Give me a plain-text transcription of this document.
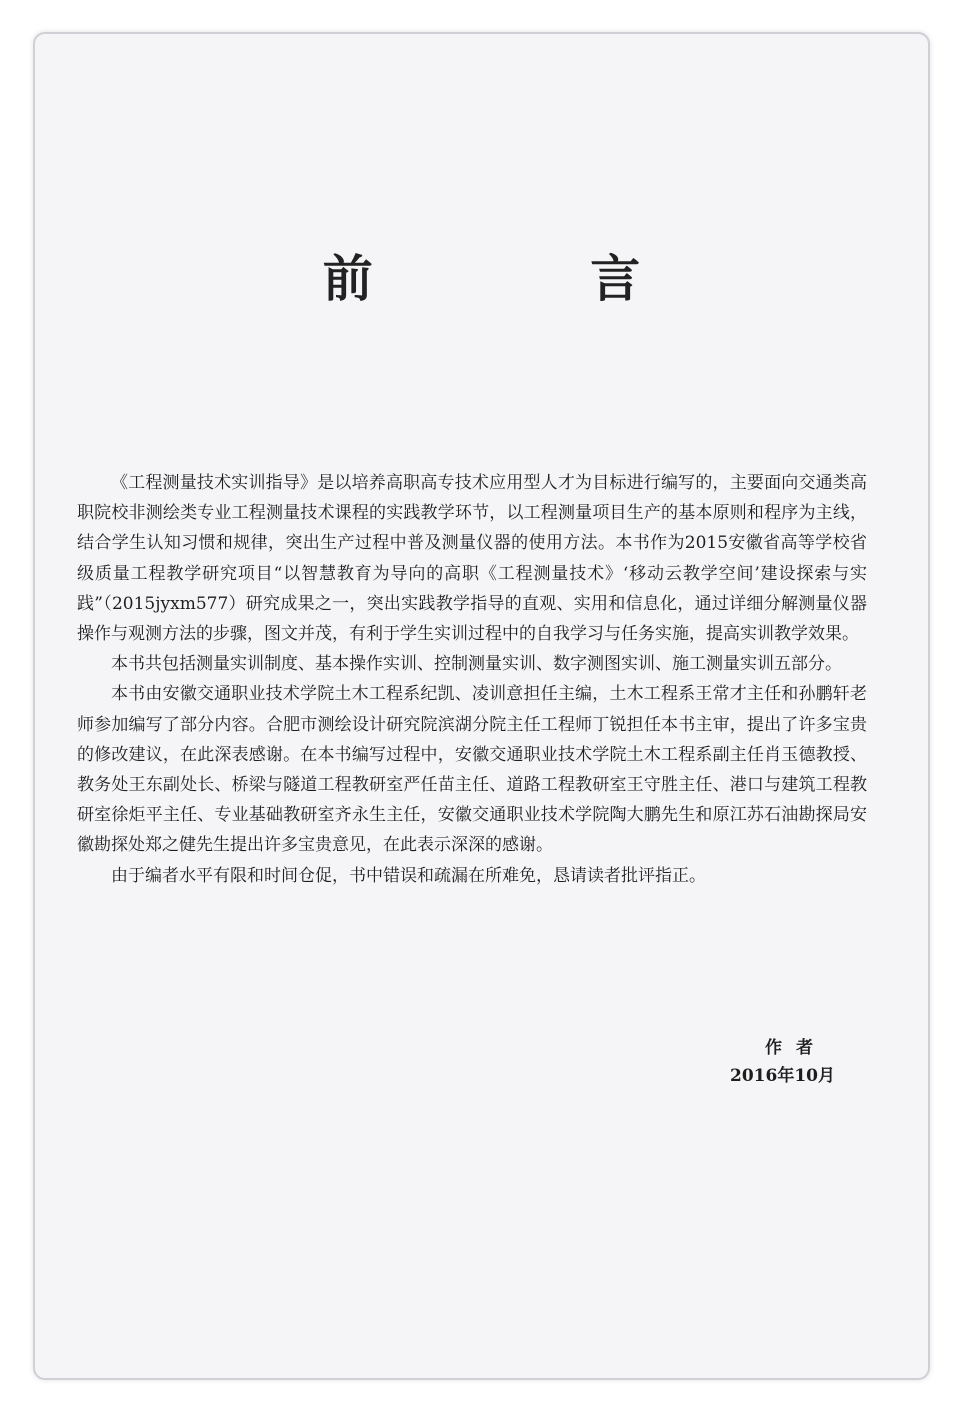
前 言

《工程测量技术实训指导》是以培养高职高专技术应用型人才为目标进行编写的，主要面向交通类高职院校非测绘类专业工程测量技术课程的实践教学环节，以工程测量项目生产的基本原则和程序为主线，结合学生认知习惯和规律，突出生产过程中普及测量仪器的使用方法。本书作为2015安徽省高等学校省级质量工程教学研究项目“以智慧教育为导向的高职《工程测量技术》‘移动云教学空间’建设探索与实践”（2015jyxm577）研究成果之一，突出实践教学指导的直观、实用和信息化，通过详细分解测量仪器操作与观测方法的步骤，图文并茂，有利于学生实训过程中的自我学习与任务实施，提高实训教学效果。

本书共包括测量实训制度、基本操作实训、控制测量实训、数字测图实训、施工测量实训五部分。

本书由安徽交通职业技术学院土木工程系纪凯、凌训意担任主编，土木工程系王常才主任和孙鹏轩老师参加编写了部分内容。合肥市测绘设计研究院滨湖分院主任工程师丁锐担任本书主审，提出了许多宝贵的修改建议，在此深表感谢。在本书编写过程中，安徽交通职业技术学院土木工程系副主任肖玉德教授、教务处王东副处长、桥梁与隧道工程教研室严任苗主任、道路工程教研室王守胜主任、港口与建筑工程教研室徐炬平主任、专业基础教研室齐永生主任，安徽交通职业技术学院陶大鹏先生和原江苏石油勘探局安徽勘探处郑之健先生提出许多宝贵意见，在此表示深深的感谢。

由于编者水平有限和时间仓促，书中错误和疏漏在所难免，恳请读者批评指正。

作者
2016年10月
